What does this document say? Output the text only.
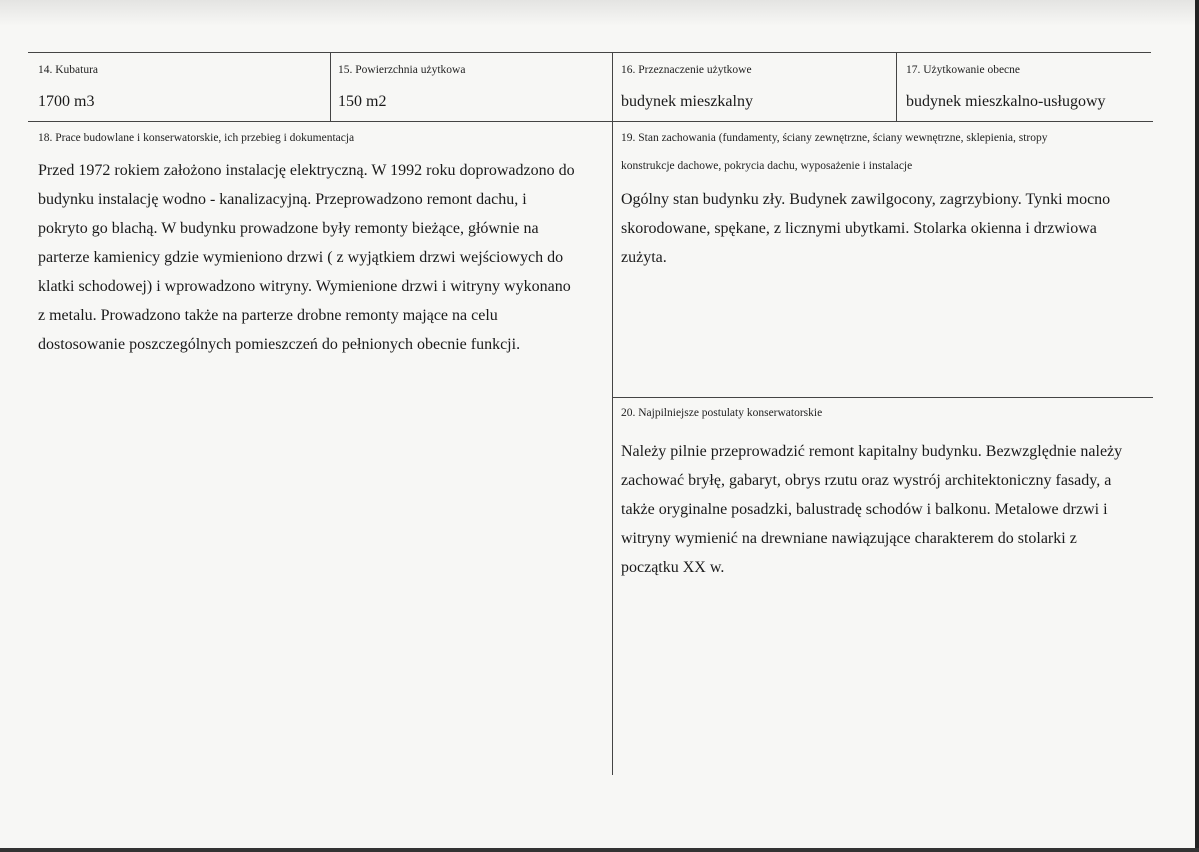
14. Kubatura
1700 m3
15. Powierzchnia użytkowa
150 m2
16. Przeznaczenie użytkowe
budynek mieszkalny
17. Użytkowanie obecne
budynek mieszkalno-usługowy
18. Prace budowlane i konserwatorskie, ich przebieg i dokumentacja
Przed 1972 rokiem założono instalację elektryczną. W 1992 roku doprowadzono do
budynku instalację wodno - kanalizacyjną. Przeprowadzono remont dachu, i
pokryto go blachą. W budynku prowadzone były remonty bieżące, głównie na
parterze kamienicy gdzie wymieniono drzwi ( z wyjątkiem drzwi wejściowych do
klatki schodowej) i wprowadzono witryny. Wymienione drzwi i witryny wykonano
z metalu. Prowadzono także na parterze drobne remonty mające na celu
dostosowanie poszczególnych pomieszczeń do pełnionych obecnie funkcji.
19. Stan zachowania (fundamenty, ściany zewnętrzne, ściany wewnętrzne, sklepienia, stropy
konstrukcje dachowe, pokrycia dachu, wyposażenie i instalacje
Ogólny stan budynku zły. Budynek zawilgocony, zagrzybiony. Tynki mocno
skorodowane, spękane, z licznymi ubytkami. Stolarka okienna i drzwiowa
zużyta.
20. Najpilniejsze postulaty konserwatorskie
Należy pilnie przeprowadzić remont kapitalny budynku. Bezwzględnie należy
zachować bryłę, gabaryt, obrys rzutu oraz wystrój architektoniczny fasady, a
także oryginalne posadzki, balustradę schodów i balkonu. Metalowe drzwi i
witryny wymienić na drewniane nawiązujące charakterem do stolarki z
początku XX w.
